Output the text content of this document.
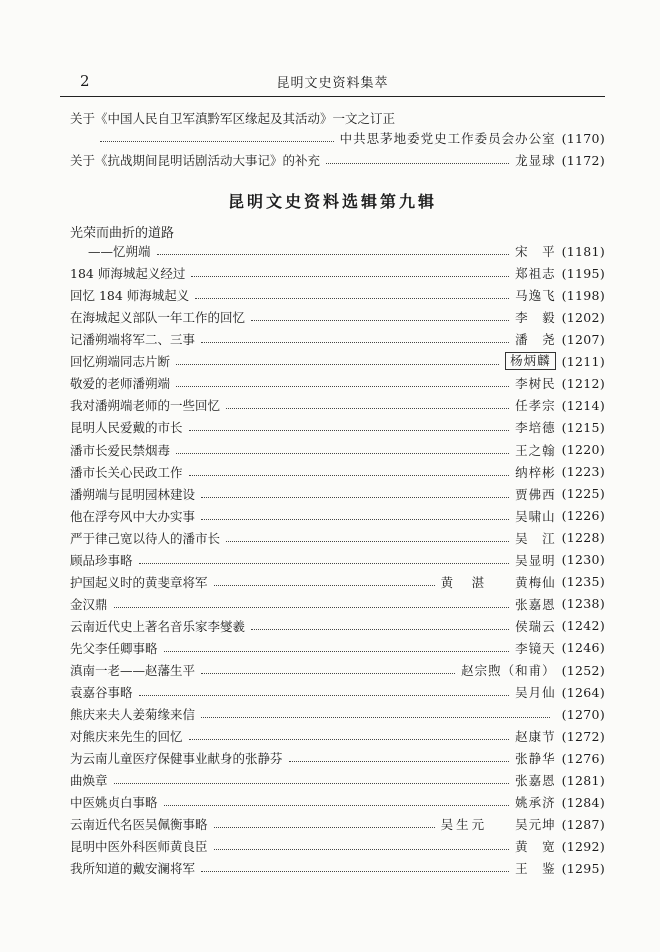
2	昆明文史资料集萃
关于《中国人民自卫军滇黔军区缘起及其活动》一文之订正
中共思茅地委党史工作委员会办公室 (1170)
关于《抗战期间昆明话剧活动大事记》的补充	龙显球 (1172)
昆明文史资料选辑第九辑
光荣而曲折的道路
——忆朔端	宋　平 (1181)
184 师海城起义经过	郑祖志 (1195)
回忆 184 师海城起义	马逸飞 (1198)
在海城起义部队一年工作的回忆	李　毅 (1202)
记潘朔端将军二、三事	潘　尧 (1207)
回忆朔端同志片断	杨炳麟 (1211)
敬爱的老师潘朔端	李树民 (1212)
我对潘朔端老师的一些回忆	任孝宗 (1214)
昆明人民爱戴的市长	李培德 (1215)
潘市长爱民禁烟毒	王之翰 (1220)
潘市长关心民政工作	纳梓彬 (1223)
潘朔端与昆明园林建设	贾佛西 (1225)
他在浮夸风中大办实事	吴啸山 (1226)
严于律己宽以待人的潘市长	吴　江 (1228)
顾品珍事略	吴显明 (1230)
护国起义时的黄斐章将军	黄　湛 黄梅仙 (1235)
金汉鼎	张嘉恩 (1238)
云南近代史上著名音乐家李燮羲	侯瑞云 (1242)
先父李任卿事略	李镜天 (1246)
滇南一老——赵藩生平	赵宗煦（和甫） (1252)
袁嘉谷事略	吴月仙 (1264)
熊庆来夫人姜菊缘来信	(1270)
对熊庆来先生的回忆	赵康节 (1272)
为云南儿童医疗保健事业献身的张静芬	张静华 (1276)
曲焕章	张嘉恩 (1281)
中医姚贞白事略	姚承济 (1284)
云南近代名医吴佩衡事略	吴生元 吴元坤 (1287)
昆明中医外科医师黄良臣	黄　宽 (1292)
我所知道的戴安澜将军	王　鉴 (1295)
